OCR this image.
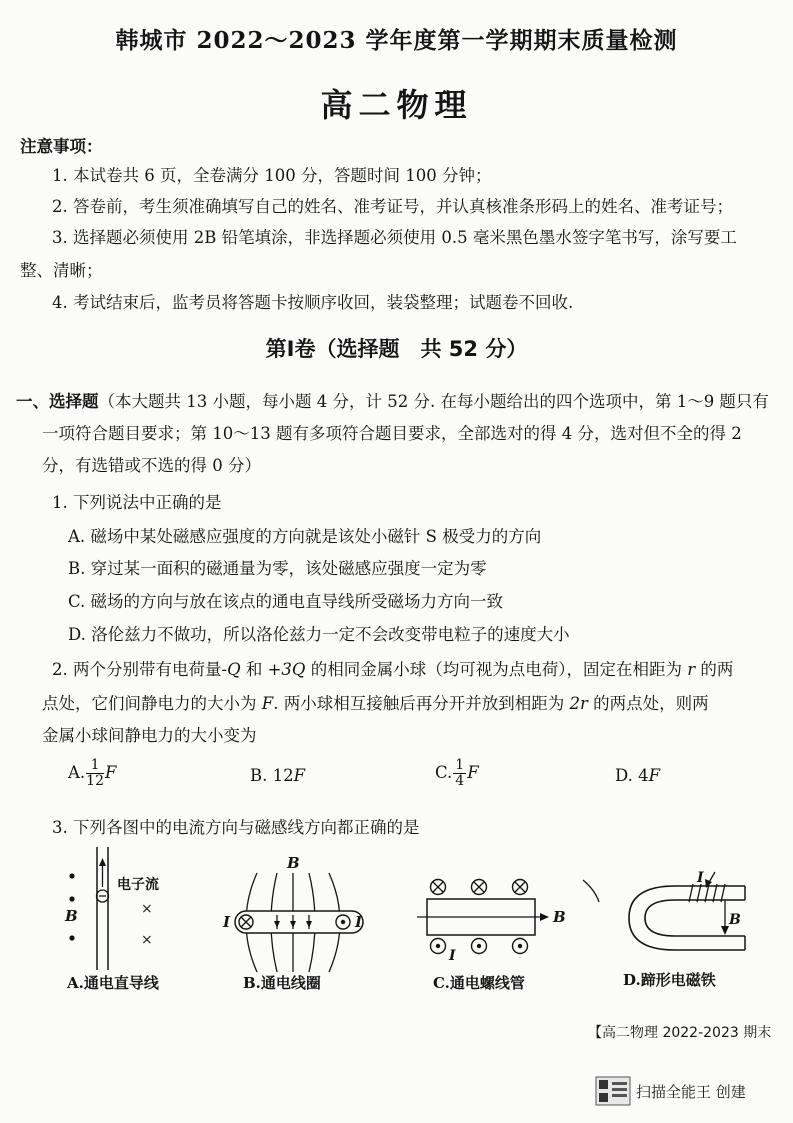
韩城市 2022～2023 学年度第一学期期末质量检测
高二物理
注意事项：
1. 本试卷共 6 页，全卷满分 100 分，答题时间 100 分钟；
2. 答卷前，考生须准确填写自己的姓名、准考证号，并认真核准条形码上的姓名、准考证号；
3. 选择题必须使用 2B 铅笔填涂，非选择题必须使用 0.5 毫米黑色墨水签字笔书写，涂写要工
整、清晰；
4. 考试结束后，监考员将答题卡按顺序收回，装袋整理；试题卷不回收.
第Ⅰ卷（选择题　共 52 分）
一、选择题（本大题共 13 小题，每小题 4 分，计 52 分. 在每小题给出的四个选项中，第 1～9 题只有
一项符合题目要求；第 10～13 题有多项符合题目要求，全部选对的得 4 分，选对但不全的得 2
分，有选错或不选的得 0 分）
1. 下列说法中正确的是
A. 磁场中某处磁感应强度的方向就是该处小磁针 S 极受力的方向
B. 穿过某一面积的磁通量为零，该处磁感应强度一定为零
C. 磁场的方向与放在该点的通电直导线所受磁场力方向一致
D. 洛伦兹力不做功，所以洛伦兹力一定不会改变带电粒子的速度大小
2. 两个分别带有电荷量-Q 和 +3Q 的相同金属小球（均可视为点电荷），固定在相距为 r 的两
点处，它们间静电力的大小为 F. 两小球相互接触后再分开并放到相距为 2r 的两点处，则两
金属小球间静电力的大小变为
A. $\frac{1}{12}$ F	B. 12F	C. $\frac{1}{4}$ F	D. 4F
3. 下列各图中的电流方向与磁感线方向都正确的是
B
电子流
×
×
A.通电直导线
B
I	I
B.通电线圈
B
I
C.通电螺线管
I
B
D.蹄形电磁铁
【高二物理 2022-2023 期末
扫描全能王 创建
